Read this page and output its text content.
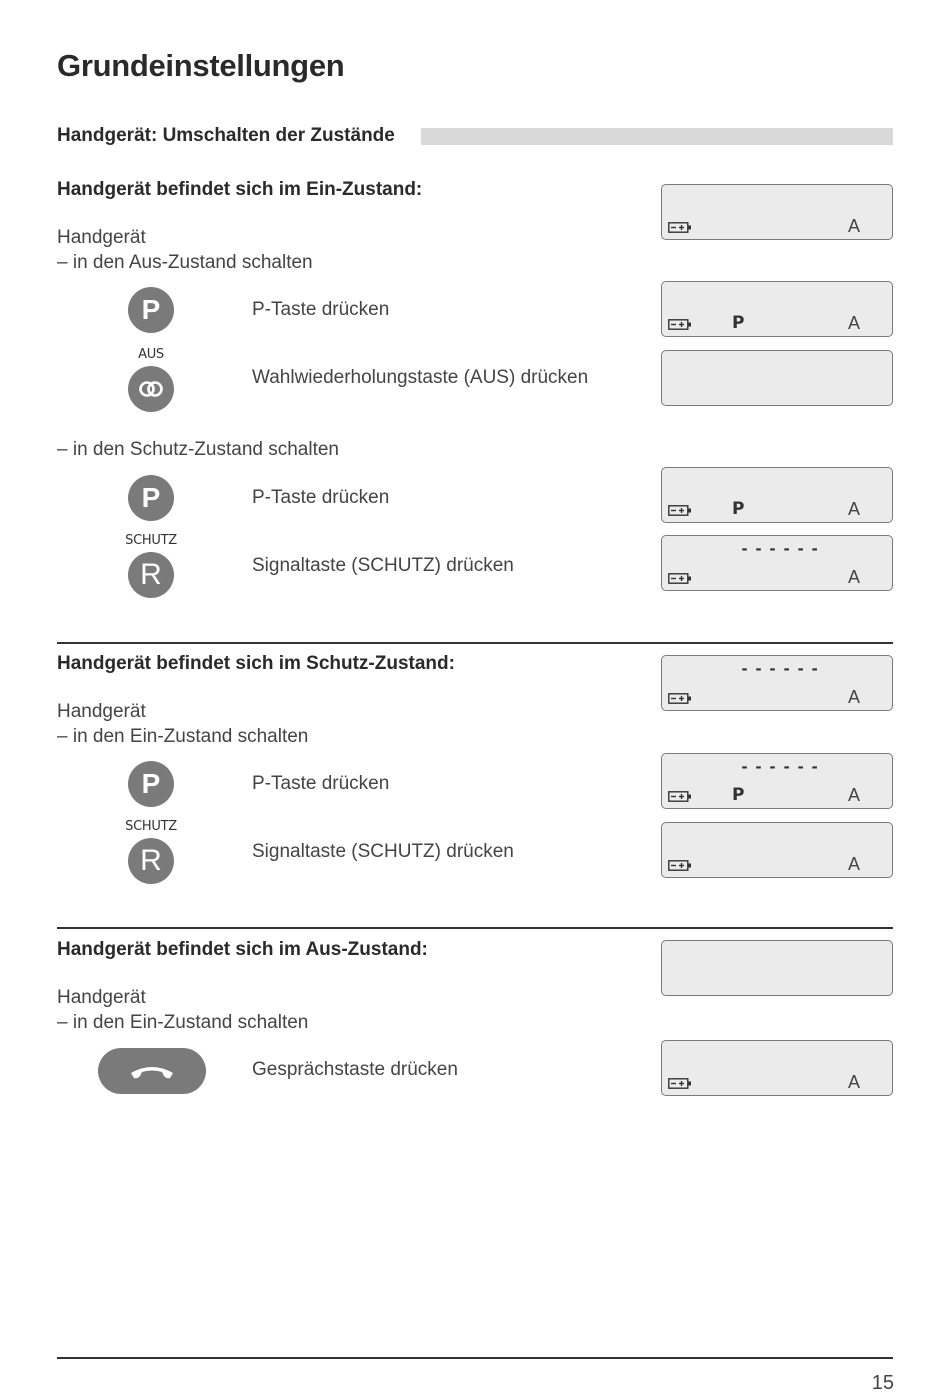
Grundeinstellungen
Handgerät: Umschalten der Zustände
Handgerät befindet sich im Ein-Zustand:
Handgerät
– in den Aus-Zustand schalten
P	P-Taste drücken
AUS
Wahlwiederholungstaste (AUS) drücken
– in den Schutz-Zustand schalten
P	P-Taste drücken
SCHUTZ
R	Signaltaste (SCHUTZ) drücken
Handgerät befindet sich im Schutz-Zustand:
Handgerät
– in den Ein-Zustand schalten
P	P-Taste drücken
SCHUTZ
R	Signaltaste (SCHUTZ) drücken
Handgerät befindet sich im Aus-Zustand:
Handgerät
– in den Ein-Zustand schalten
Gesprächstaste drücken
A
P	A
P	A
------
A
------
A
------
P	A
A
A
15
